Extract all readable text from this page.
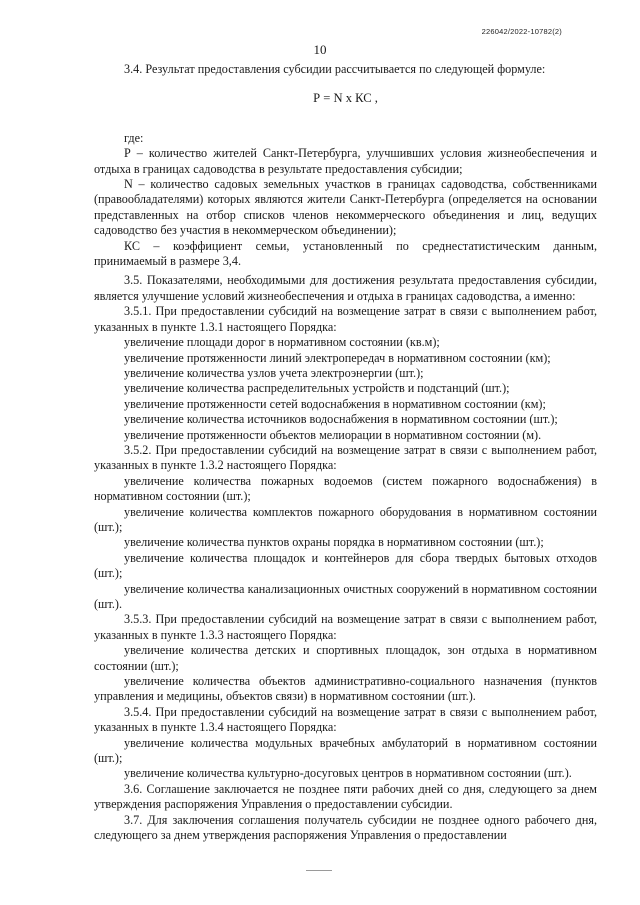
226042/2022-10782(2)
10

3.4. Результат предоставления субсидии рассчитывается по следующей формуле:

Р = N x КС ,

где:

Р – количество жителей Санкт-Петербурга, улучшивших условия жизнеобеспечения и отдыха в границах садоводства в результате предоставления субсидии;

N – количество садовых земельных участков в границах садоводства, собственниками (правообладателями) которых являются жители Санкт-Петербурга (определяется на основании представленных на отбор списков членов некоммерческого объединения и лиц, ведущих садоводство без участия в некоммерческом объединении);

КС – коэффициент семьи, установленный по среднестатистическим данным, принимаемый в размере 3,4.

3.5. Показателями, необходимыми для достижения результата предоставления субсидии, является улучшение условий жизнеобеспечения и отдыха в границах садоводства, а именно:

3.5.1. При предоставлении субсидий на возмещение затрат в связи с выполнением работ, указанных в пункте 1.3.1 настоящего Порядка:

увеличение площади дорог в нормативном состоянии (кв.м);

увеличение протяженности линий электропередач в нормативном состоянии (км);

увеличение количества узлов учета электроэнергии (шт.);

увеличение количества распределительных устройств и подстанций (шт.);

увеличение протяженности сетей водоснабжения в нормативном состоянии (км);

увеличение количества источников водоснабжения в нормативном состоянии (шт.);

увеличение протяженности объектов мелиорации в нормативном состоянии (м).

3.5.2. При предоставлении субсидий на возмещение затрат в связи с выполнением работ, указанных в пункте 1.3.2 настоящего Порядка:

увеличение количества пожарных водоемов (систем пожарного водоснабжения) в нормативном состоянии (шт.);

увеличение количества комплектов пожарного оборудования в нормативном состоянии (шт.);

увеличение количества пунктов охраны порядка в нормативном состоянии (шт.);

увеличение количества площадок и контейнеров для сбора твердых бытовых отходов (шт.);

увеличение количества канализационных очистных сооружений в нормативном состоянии (шт.).

3.5.3. При предоставлении субсидий на возмещение затрат в связи с выполнением работ, указанных в пункте 1.3.3 настоящего Порядка:

увеличение количества детских и спортивных площадок, зон отдыха в нормативном состоянии (шт.);

увеличение количества объектов административно-социального назначения (пунктов управления и медицины, объектов связи) в нормативном состоянии (шт.).

3.5.4. При предоставлении субсидий на возмещение затрат в связи с выполнением работ, указанных в пункте 1.3.4 настоящего Порядка:

увеличение количества модульных врачебных амбулаторий в нормативном состоянии (шт.);

увеличение количества культурно-досуговых центров в нормативном состоянии (шт.).

3.6. Соглашение заключается не позднее пяти рабочих дней со дня, следующего за днем утверждения распоряжения Управления о предоставлении субсидии.

3.7. Для заключения соглашения получатель субсидии не позднее одного рабочего дня, следующего за днем утверждения распоряжения Управления о предоставлении
